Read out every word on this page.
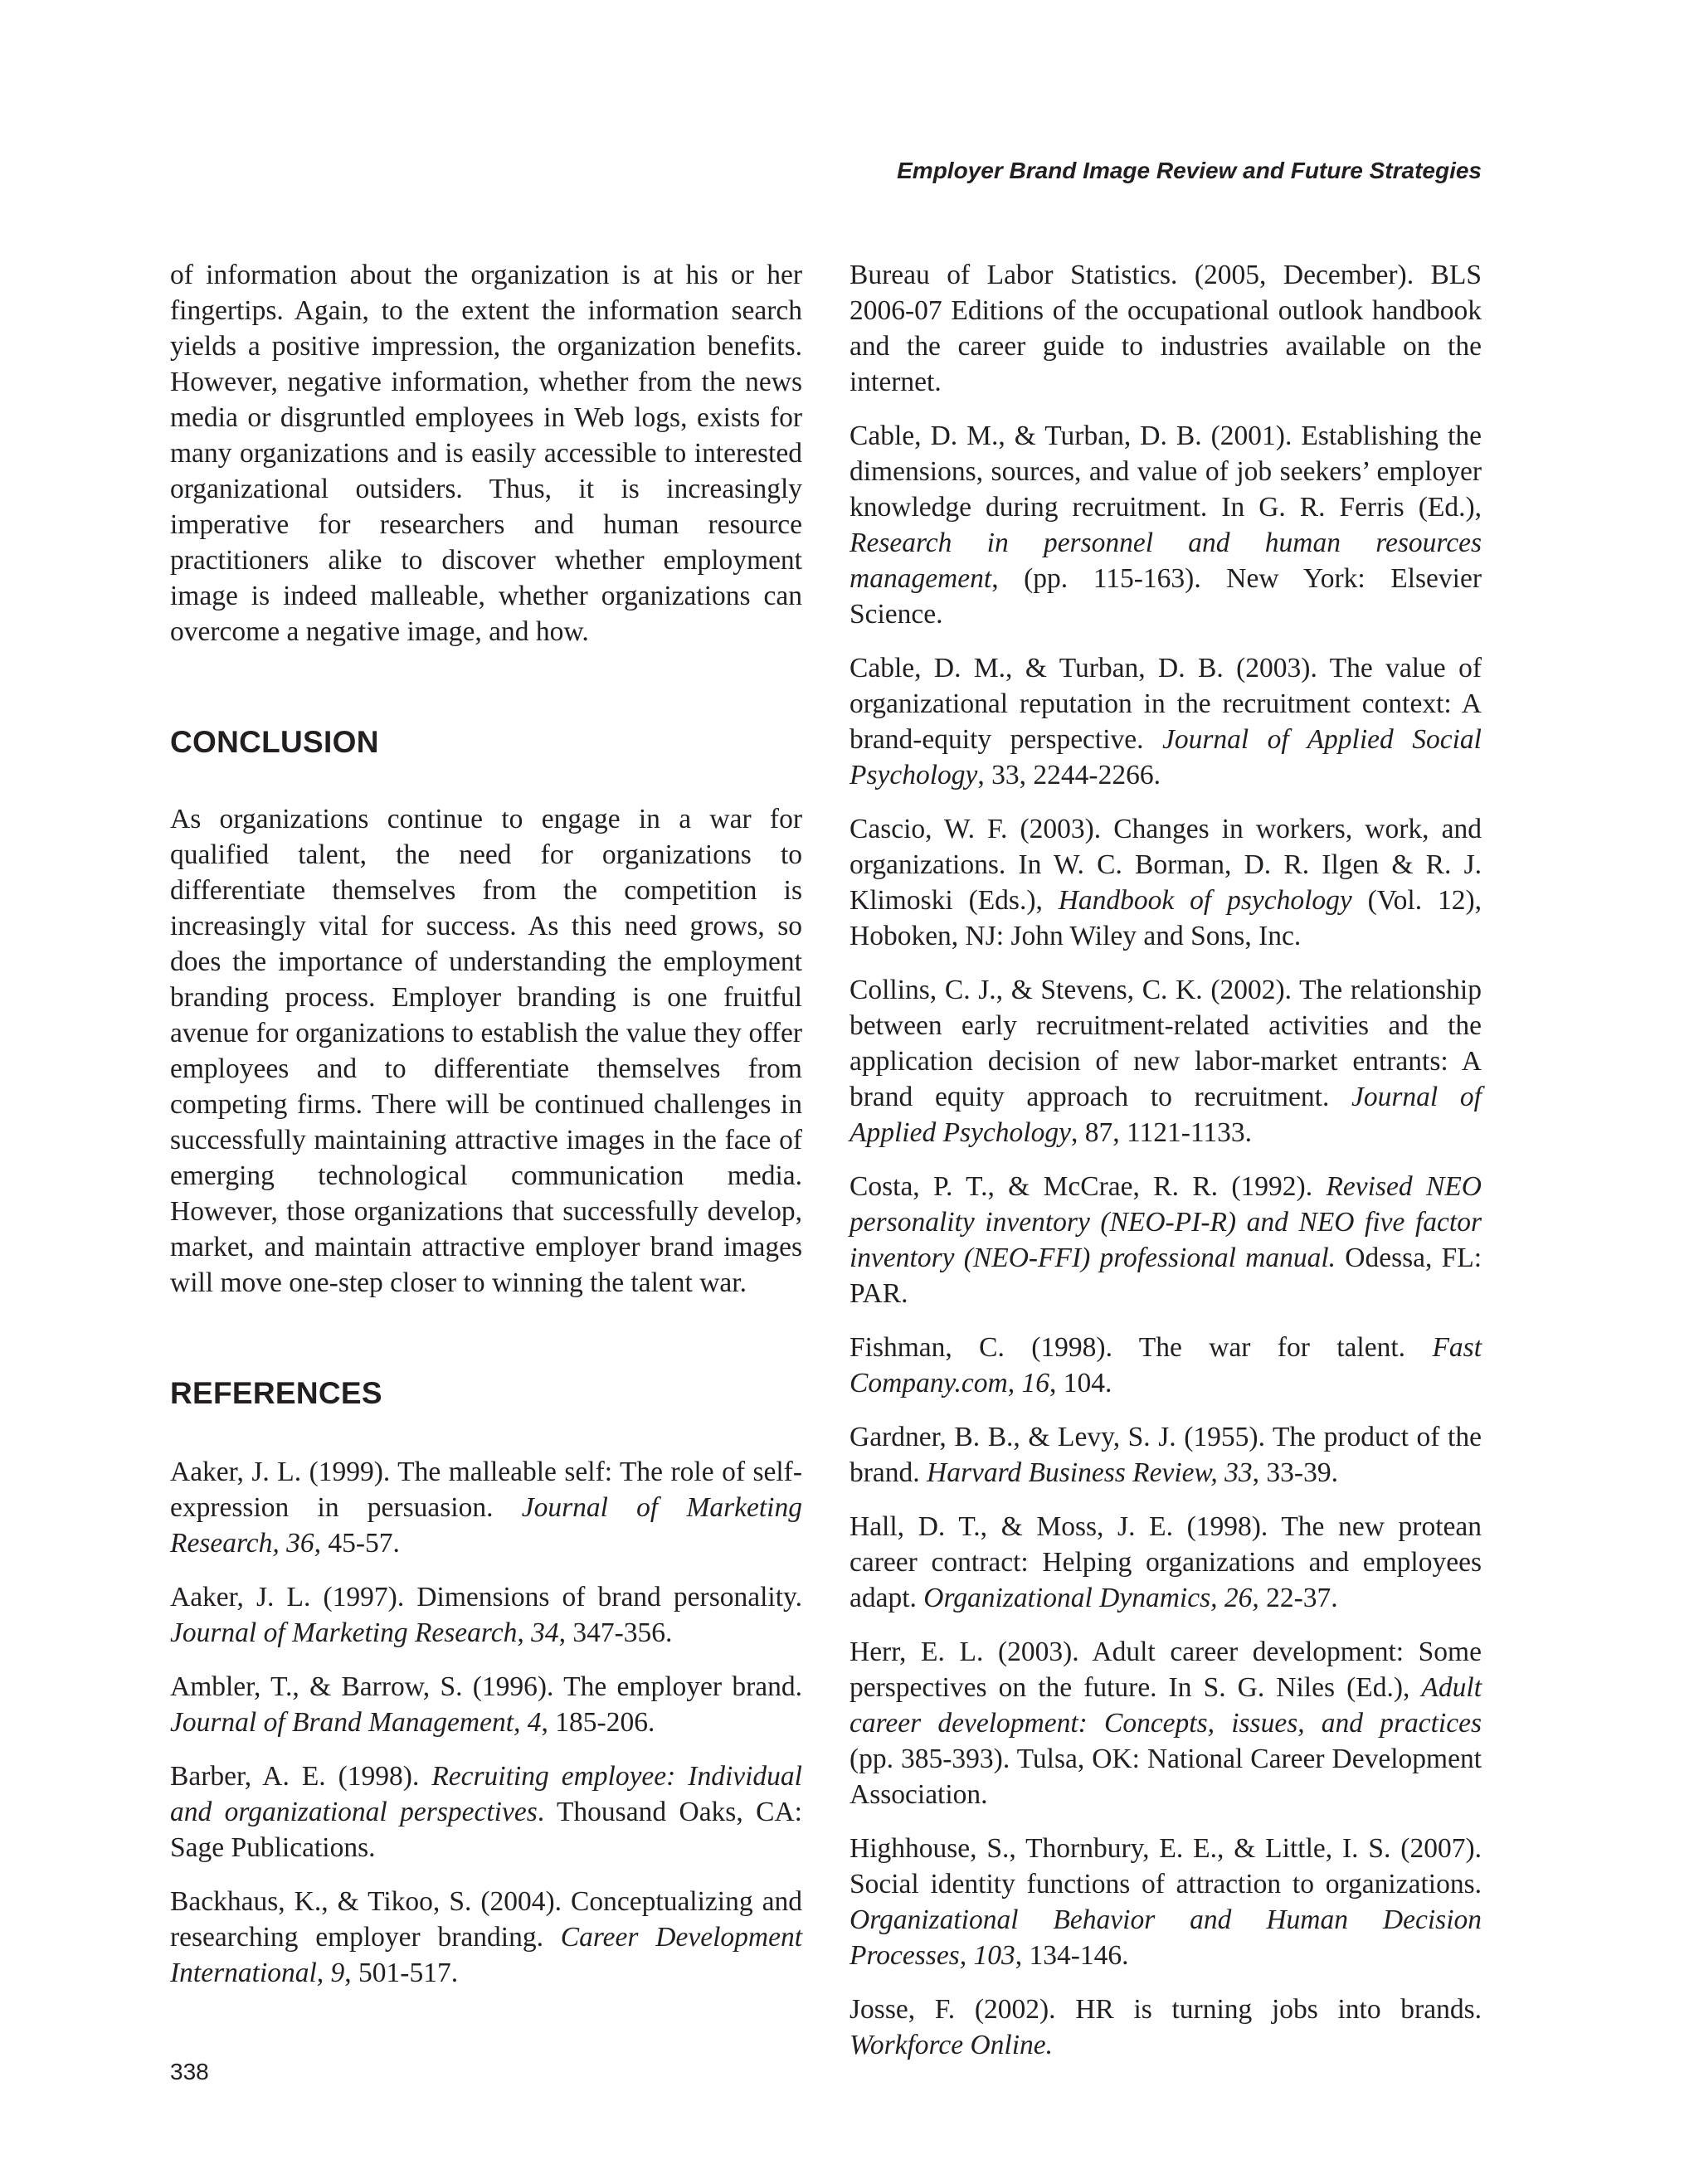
Employer Brand Image Review and Future Strategies

of information about the organization is at his or her fingertips. Again, to the extent the information search yields a positive impression, the organization benefits. However, negative information, whether from the news media or disgruntled employees in Web logs, exists for many organizations and is easily accessible to interested organizational outsiders. Thus, it is increasingly imperative for researchers and human resource practitioners alike to discover whether employment image is indeed malleable, whether organizations can overcome a negative image, and how.

CONCLUSION

As organizations continue to engage in a war for qualified talent, the need for organizations to differentiate themselves from the competition is increasingly vital for success. As this need grows, so does the importance of understanding the employment branding process. Employer branding is one fruitful avenue for organizations to establish the value they offer employees and to differentiate themselves from competing firms. There will be continued challenges in successfully maintaining attractive images in the face of emerging technological communication media. However, those organizations that successfully develop, market, and maintain attractive employer brand images will move one-step closer to winning the talent war.

REFERENCES

Aaker, J. L. (1999). The malleable self: The role of self-expression in persuasion. Journal of Marketing Research, 36, 45-57.

Aaker, J. L. (1997). Dimensions of brand personality. Journal of Marketing Research, 34, 347-356.

Ambler, T., & Barrow, S. (1996). The employer brand. Journal of Brand Management, 4, 185-206.

Barber, A. E. (1998). Recruiting employee: Individual and organizational perspectives. Thousand Oaks, CA: Sage Publications.

Backhaus, K., & Tikoo, S. (2004). Conceptualizing and researching employer branding. Career Development International, 9, 501-517.

Bureau of Labor Statistics. (2005, December). BLS 2006-07 Editions of the occupational outlook handbook and the career guide to industries available on the internet.

Cable, D. M., & Turban, D. B. (2001). Establishing the dimensions, sources, and value of job seekers’ employer knowledge during recruitment. In G. R. Ferris (Ed.), Research in personnel and human resources management, (pp. 115-163). New York: Elsevier Science.

Cable, D. M., & Turban, D. B. (2003). The value of organizational reputation in the recruitment context: A brand-equity perspective. Journal of Applied Social Psychology, 33, 2244-2266.

Cascio, W. F. (2003). Changes in workers, work, and organizations. In W. C. Borman, D. R. Ilgen & R. J. Klimoski (Eds.), Handbook of psychology (Vol. 12), Hoboken, NJ: John Wiley and Sons, Inc.

Collins, C. J., & Stevens, C. K. (2002). The relationship between early recruitment-related activities and the application decision of new labor-market entrants: A brand equity approach to recruitment. Journal of Applied Psychology, 87, 1121-1133.

Costa, P. T., & McCrae, R. R. (1992). Revised NEO personality inventory (NEO-PI-R) and NEO five factor inventory (NEO-FFI) professional manual. Odessa, FL: PAR.

Fishman, C. (1998). The war for talent. Fast Company.com, 16, 104.

Gardner, B. B., & Levy, S. J. (1955). The product of the brand. Harvard Business Review, 33, 33-39.

Hall, D. T., & Moss, J. E. (1998). The new protean career contract: Helping organizations and employees adapt. Organizational Dynamics, 26, 22-37.

Herr, E. L. (2003). Adult career development: Some perspectives on the future. In S. G. Niles (Ed.), Adult career development: Concepts, issues, and practices (pp. 385-393). Tulsa, OK: National Career Development Association.

Highhouse, S., Thornbury, E. E., & Little, I. S. (2007). Social identity functions of attraction to organizations. Organizational Behavior and Human Decision Processes, 103, 134-146.

Josse, F. (2002). HR is turning jobs into brands. Workforce Online.

338
